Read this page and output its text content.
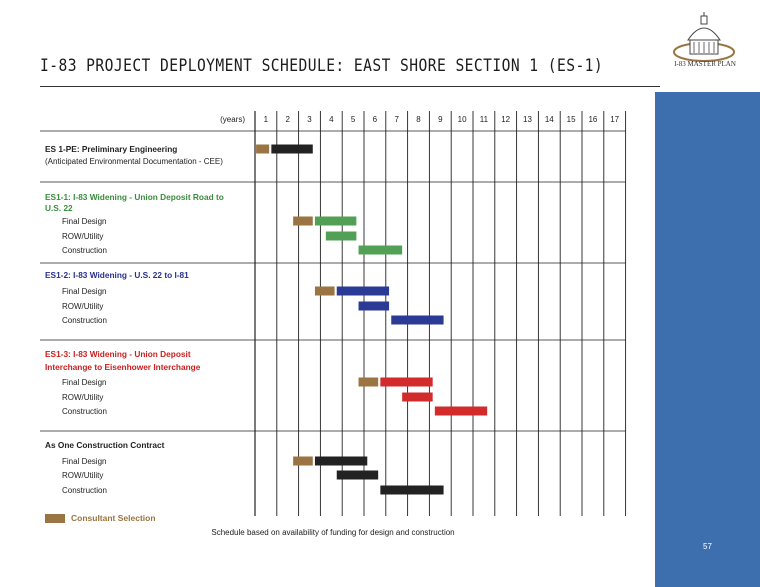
I-83 PROJECT DEPLOYMENT SCHEDULE: EAST SHORE SECTION 1 (ES-1)	I-83 MASTER PLAN
57
(years) 1 2 3 4 5 6 7 8 9 10 11 12 13 14 15 16 17
ES 1-PE: Preliminary Engineering
(Anticipated Environmental Documentation - CEE)
ES1-1: I-83 Widening - Union Deposit Road to
U.S. 22
Final Design
ROW/Utility
Construction
ES1-2: I-83 Widening - U.S. 22 to I-81
Final Design
ROW/Utility
Construction
ES1-3: I-83 Widening - Union Deposit
Interchange to Eisenhower Interchange
Final Design
ROW/Utility
Construction
As One Construction Contract
Final Design
ROW/Utility
Construction
Consultant Selection
Schedule based on availability of funding for design and construction
